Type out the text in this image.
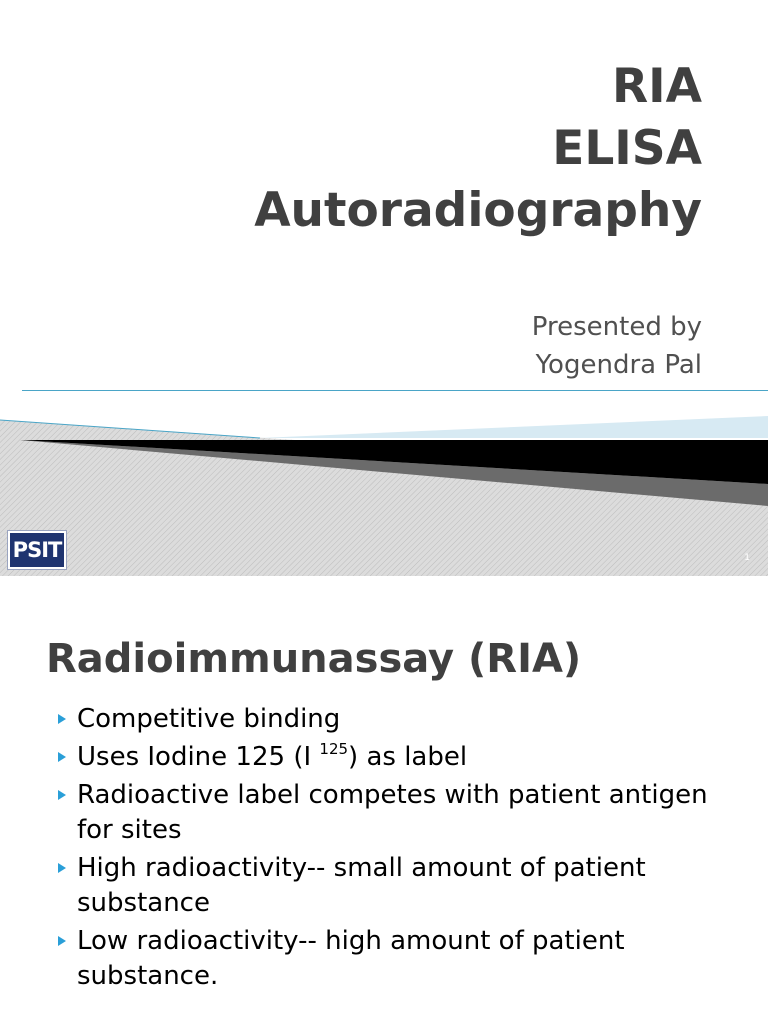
RIA
ELISA
Autoradiography
Presented by
Yogendra Pal
PSIT	1
Radioimmunassay (RIA)
Competitive binding
Uses Iodine 125 (I $^{125}$) as label
Radioactive label competes with patient antigen for sites
High radioactivity-- small amount of patient substance
Low radioactivity-- high amount of patient substance.
